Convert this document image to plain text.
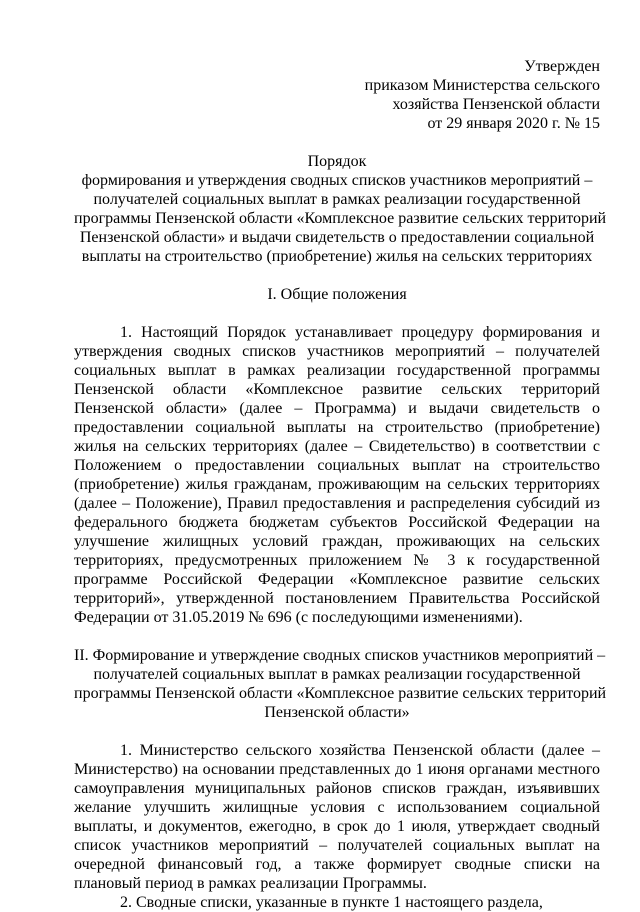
Утвержден
приказом Министерства сельского
хозяйства Пензенской области
от 29 января 2020 г. № 15
Порядок
формирования и утверждения сводных списков участников мероприятий –
получателей социальных выплат в рамках реализации государственной
программы Пензенской области «Комплексное развитие сельских территорий
Пензенской области» и выдачи свидетельств о предоставлении социальной
выплаты на строительство (приобретение) жилья на сельских территориях
I. Общие положения

1. Настоящий Порядок устанавливает процедуру формирования и утверждения сводных списков участников мероприятий – получателей социальных выплат в рамках реализации государственной программы Пензенской области «Комплексное развитие сельских территорий Пензенской области» (далее – Программа) и выдачи свидетельств о предоставлении социальной выплаты на строительство (приобретение) жилья на сельских территориях (далее – Свидетельство) в соответствии с Положением о предоставлении социальных выплат на строительство (приобретение) жилья гражданам, проживающим на сельских территориях (далее – Положение), Правил предоставления и распределения субсидий из федерального бюджета бюджетам субъектов Российской Федерации на улучшение жилищных условий граждан, проживающих на сельских территориях, предусмотренных приложением № 3 к государственной программе Российской Федерации «Комплексное развитие сельских территорий», утвержденной постановлением Правительства Российской Федерации от 31.05.2019 № 696 (с последующими изменениями).

II. Формирование и утверждение сводных списков участников мероприятий –
получателей социальных выплат в рамках реализации государственной
программы Пензенской области «Комплексное развитие сельских территорий
Пензенской области»

1. Министерство сельского хозяйства Пензенской области (далее – Министерство) на основании представленных до 1 июня органами местного самоуправления муниципальных районов списков граждан, изъявивших желание улучшить жилищные условия с использованием социальной выплаты, и документов, ежегодно, в срок до 1 июля, утверждает сводный список участников мероприятий – получателей социальных выплат на очередной финансовый год, а также формирует сводные списки на плановый период в рамках реализации Программы.

2. Сводные списки, указанные в пункте 1 настоящего раздела,
